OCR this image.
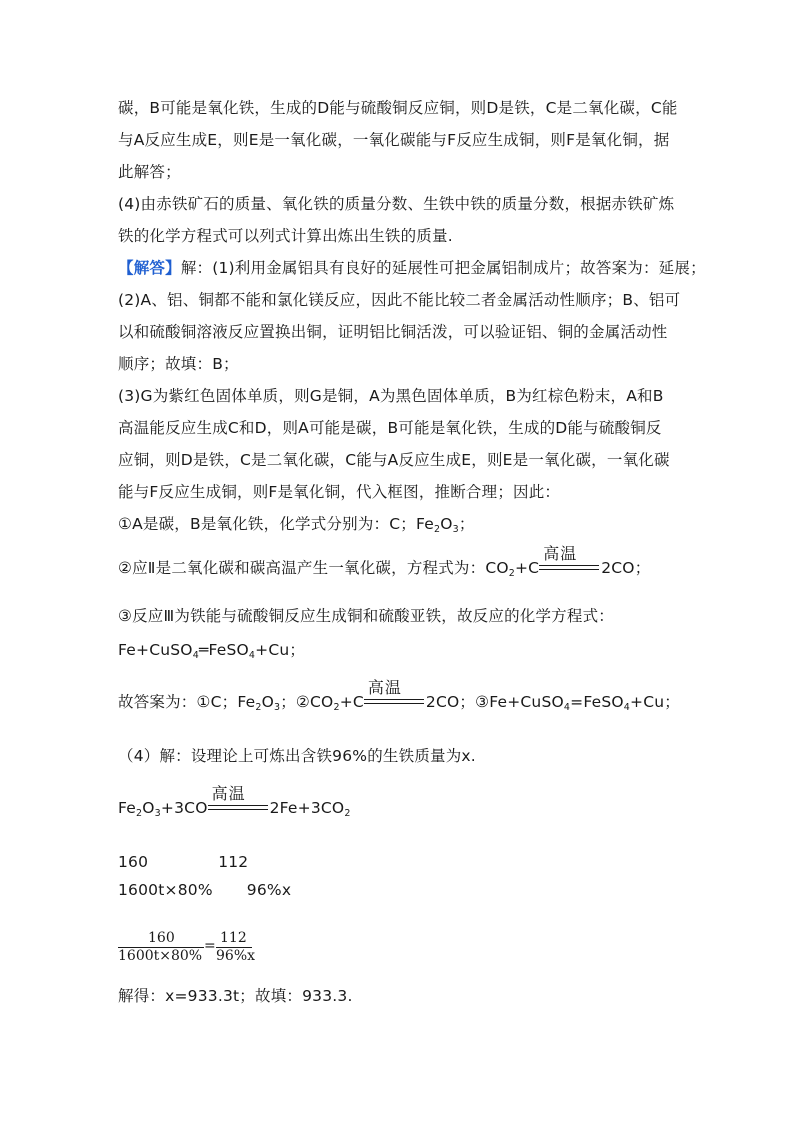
碳，B可能是氧化铁，生成的D能与硫酸铜反应铜，则D是铁，C是二氧化碳，C能
与A反应生成E，则E是一氧化碳，一氧化碳能与F反应生成铜，则F是氧化铜，据
此解答；
(4)由赤铁矿石的质量、氧化铁的质量分数、生铁中铁的质量分数，根据赤铁矿炼
铁的化学方程式可以列式计算出炼出生铁的质量.
【解答】解：(1)利用金属铝具有良好的延展性可把金属铝制成片；故答案为：延展；
(2)A、铝、铜都不能和氯化镁反应，因此不能比较二者金属活动性顺序；B、铝可
以和硫酸铜溶液反应置换出铜，证明铝比铜活泼，可以验证铝、铜的金属活动性
顺序；故填：B；
(3)G为紫红色固体单质，则G是铜，A为黑色固体单质，B为红棕色粉末，A和B
高温能反应生成C和D，则A可能是碳，B可能是氧化铁，生成的D能与硫酸铜反
应铜，则D是铁，C是二氧化碳，C能与A反应生成E，则E是一氧化碳，一氧化碳
能与F反应生成铜，则F是氧化铜，代入框图，推断合理；因此：
①A是碳，B是氧化铁，化学式分别为：C；$Fe_2O_3$；
②应Ⅱ是二氧化碳和碳高温产生一氧化碳，方程式为：$CO_2+C$
高温
2CO；
③反应Ⅲ为铁能与硫酸铜反应生成铜和硫酸亚铁，故反应的化学方程式：
Fe+CuSO$_4$═FeSO$_4$+Cu；
故答案为：①C；$Fe_2O_3$；$②CO_2+C$
高温
2CO；③Fe+CuSO$_4$=FeSO$_4$+Cu；
（4）解：设理论上可炼出含铁96%的生铁质量为x.
$Fe_2O_3+3CO$
高温
$2Fe+3CO_2$
160	112
1600t×80% 96%x
160
1600t×80%
= 112
96%x
解得：x=933.3t；故填：933.3.
